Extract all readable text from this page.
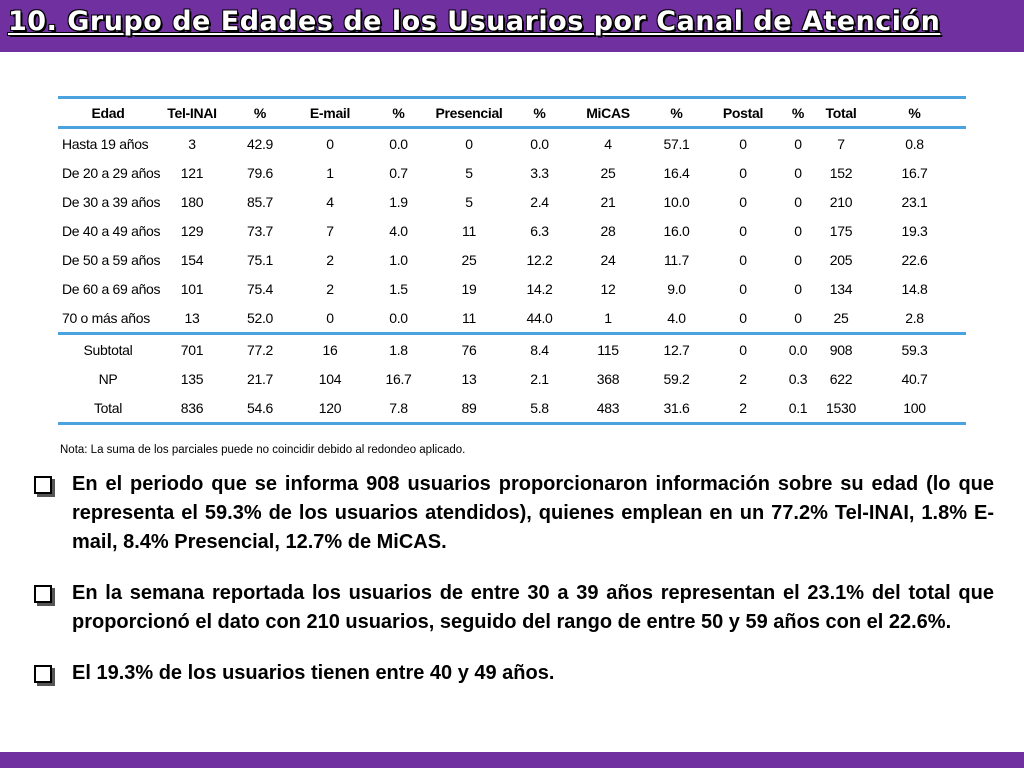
10. Grupo de Edades de los Usuarios por Canal de Atención
Edad	Tel-INAI	%	E-mail	%	Presencial	%	MiCAS	%	Postal	%	Total	%
Hasta 19 años	3	42.9	0	0.0	0	0.0	4	57.1	0	0	7	0.8
De 20 a 29 años	121	79.6	1	0.7	5	3.3	25	16.4	0	0	152	16.7
De 30 a 39 años	180	85.7	4	1.9	5	2.4	21	10.0	0	0	210	23.1
De 40 a 49 años	129	73.7	7	4.0	11	6.3	28	16.0	0	0	175	19.3
De 50 a 59 años	154	75.1	2	1.0	25	12.2	24	11.7	0	0	205	22.6
De 60 a 69 años	101	75.4	2	1.5	19	14.2	12	9.0	0	0	134	14.8
70 o más años	13	52.0	0	0.0	11	44.0	1	4.0	0	0	25	2.8
Subtotal	701	77.2	16	1.8	76	8.4	115	12.7	0	0.0	908	59.3
NP	135	21.7	104	16.7	13	2.1	368	59.2	2	0.3	622	40.7
Total	836	54.6	120	7.8	89	5.8	483	31.6	2	0.1	1530	100
Nota: La suma de los parciales puede no coincidir debido al redondeo aplicado.
En el periodo que se informa 908 usuarios proporcionaron información sobre su edad (lo que representa el 59.3% de los usuarios atendidos), quienes emplean en un 77.2% Tel-INAI, 1.8% E-mail, 8.4% Presencial, 12.7% de MiCAS.
En la semana reportada los usuarios de entre 30 a 39 años representan el 23.1% del total que proporcionó el dato con 210 usuarios, seguido del rango de entre 50 y 59 años con el 22.6%.
El 19.3% de los usuarios tienen entre 40 y 49 años.
